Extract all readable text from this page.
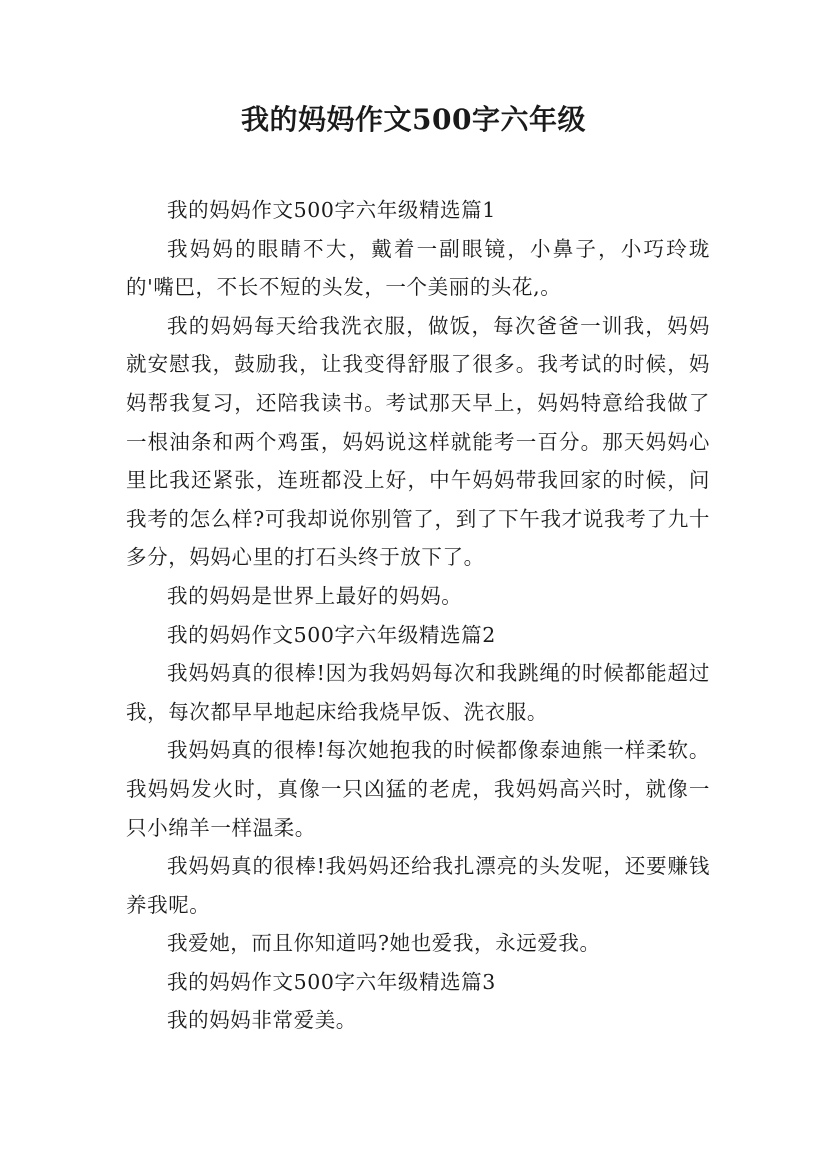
我的妈妈作文500字六年级

我的妈妈作文500字六年级精选篇1

我妈妈的眼睛不大，戴着一副眼镜，小鼻子，小巧玲珑的'嘴巴，不长不短的头发，一个美丽的头花,。

我的妈妈每天给我洗衣服，做饭，每次爸爸一训我，妈妈就安慰我，鼓励我，让我变得舒服了很多。我考试的时候，妈妈帮我复习，还陪我读书。考试那天早上，妈妈特意给我做了一根油条和两个鸡蛋，妈妈说这样就能考一百分。那天妈妈心里比我还紧张，连班都没上好，中午妈妈带我回家的时候，问我考的怎么样?可我却说你别管了，到了下午我才说我考了九十多分，妈妈心里的打石头终于放下了。

我的妈妈是世界上最好的妈妈。

我的妈妈作文500字六年级精选篇2

我妈妈真的很棒!因为我妈妈每次和我跳绳的时候都能超过我，每次都早早地起床给我烧早饭、洗衣服。

我妈妈真的很棒!每次她抱我的时候都像泰迪熊一样柔软。我妈妈发火时，真像一只凶猛的老虎，我妈妈高兴时，就像一只小绵羊一样温柔。

我妈妈真的很棒!我妈妈还给我扎漂亮的头发呢，还要赚钱养我呢。

我爱她，而且你知道吗?她也爱我，永远爱我。

我的妈妈作文500字六年级精选篇3

我的妈妈非常爱美。
